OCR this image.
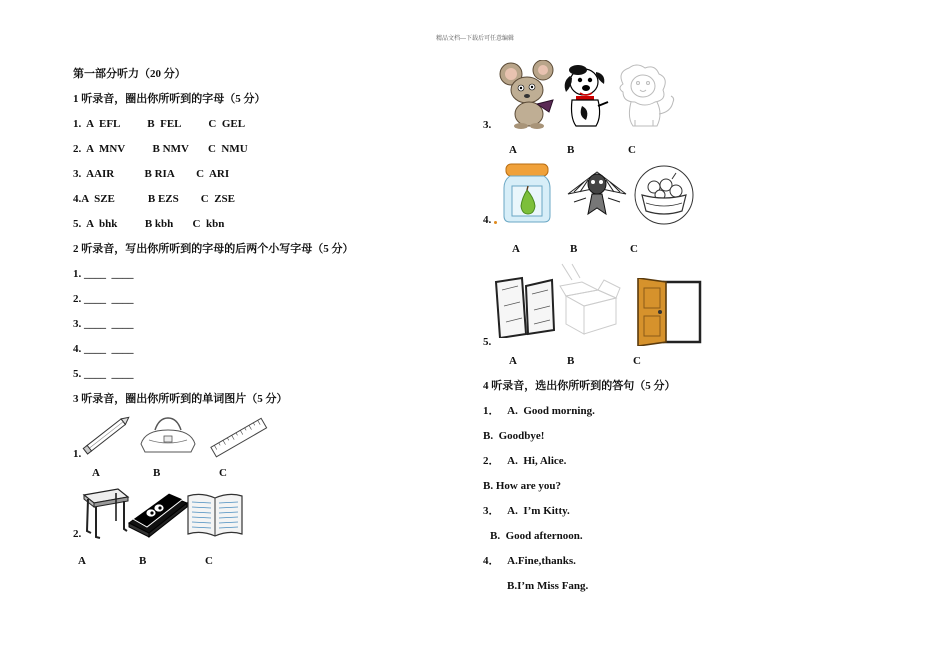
精品文档---下载后可任意编辑
第一部分听力（20 分）
1 听录音，圈出你所听到的字母（5 分）
1.  A  EFL          B  FEL          C  GEL
2.  A  MNV          B NMV       C  NMU
3.  AAIR           B RIA        C  ARI
4.A  SZE            B EZS        C  ZSE
5.  A  bhk          B kbh       C  kbn
2 听录音，写出你所听到的字母的后两个小写字母（5 分）
1. ____  ____
2. ____  ____
3. ____  ____
4. ____  ____
5. ____  ____
3 听录音，圈出你所听到的单词图片（5 分）
1.
A	B	C
2.
A	B	C
3.
A	B	C
4.
A	B	C
5.
A	B	C
4 听录音，选出你所听到的答句（5 分）
1．   A.  Good morning.
B.  Goodbye!
2．   A.  Hi, Alice.
B. How are you?
3．   A.  I’m Kitty.
B.  Good afternoon.
4．   A.Fine,thanks.
B.I’m Miss Fang.
